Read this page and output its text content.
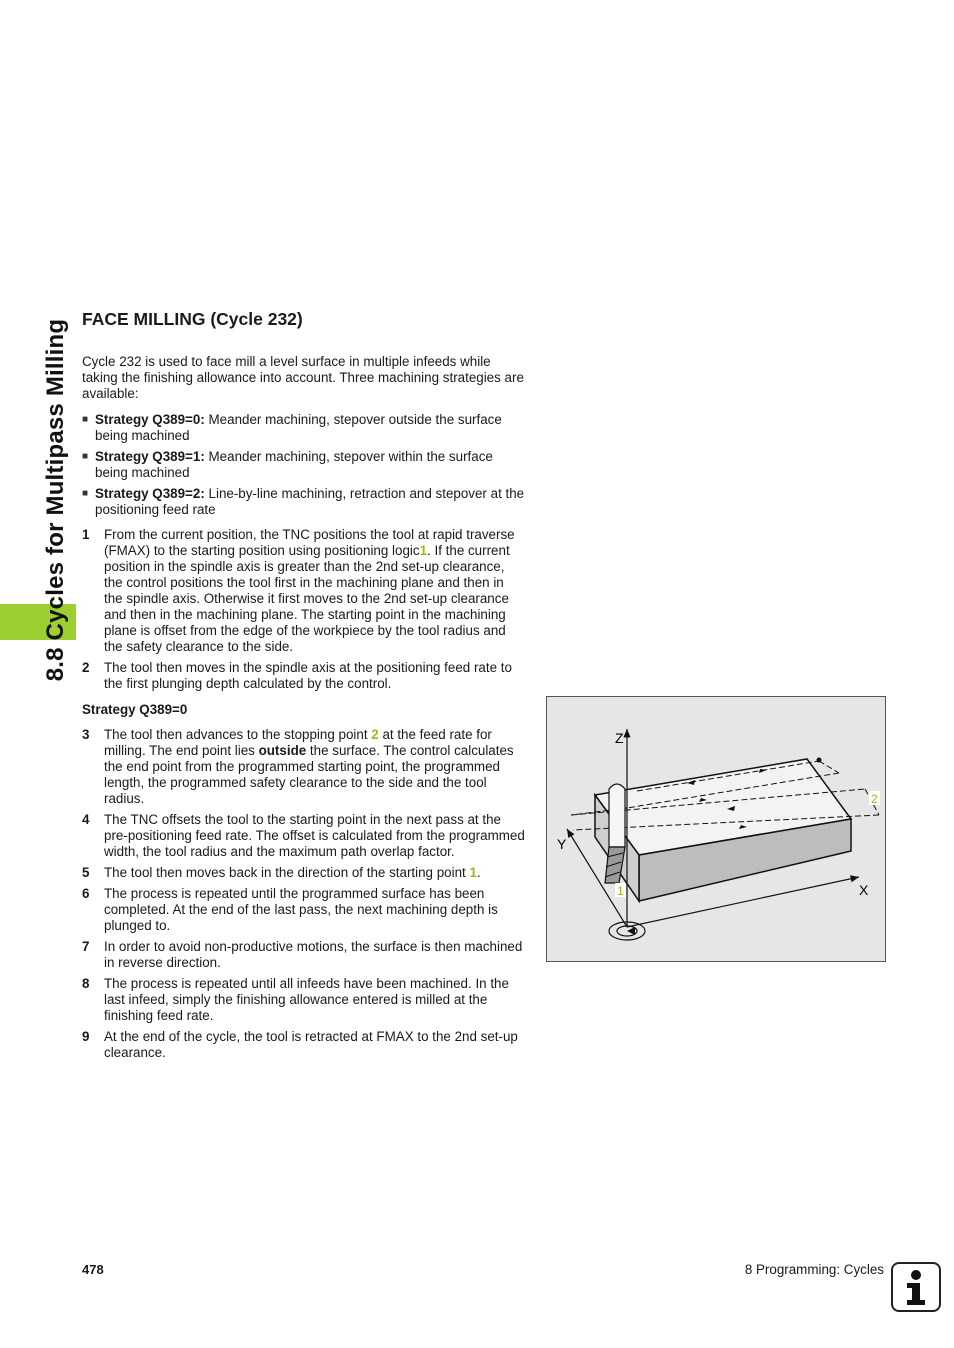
8.8 Cycles for Multipass Milling FACE MILLING (Cycle 232)

Cycle 232 is used to face mill a level surface in multiple infeeds while taking the finishing allowance into account. Three machining strategies are available:

■ Strategy Q389=0: Meander machining, stepover outside the surface being machined
■ Strategy Q389=1: Meander machining, stepover within the surface being machined
■ Strategy Q389=2: Line-by-line machining, retraction and stepover at the positioning feed rate
1	From the current position, the TNC positions the tool at rapid traverse (FMAX) to the starting position using positioning logic1. If the current position in the spindle axis is greater than the 2nd set-up clearance, the control positions the tool first in the machining plane and then in the spindle axis. Otherwise it first moves to the 2nd set-up clearance and then in the machining plane. The starting point in the machining plane is offset from the edge of the workpiece by the tool radius and the safety clearance to the side.
2	The tool then moves in the spindle axis at the positioning feed rate to the first plunging depth calculated by the control.
Strategy Q389=0
3	The tool then advances to the stopping point 2 at the feed rate for milling. The end point lies outside the surface. The control calculates the end point from the programmed starting point, the programmed length, the programmed safety clearance to the side and the tool radius.
4	The TNC offsets the tool to the starting point in the next pass at the pre-positioning feed rate. The offset is calculated from the programmed width, the tool radius and the maximum path overlap factor.
5	The tool then moves back in the direction of the starting point 1.
6	The process is repeated until the programmed surface has been completed. At the end of the last pass, the next machining depth is plunged to.
7	In order to avoid non-productive motions, the surface is then machined in reverse direction.
8	The process is repeated until all infeeds have been machined. In the last infeed, simply the finishing allowance entered is milled at the finishing feed rate.
9	At the end of the cycle, the tool is retracted at FMAX to the 2nd set-up clearance.
Z
Y
X
1
2
478	8 Programming: Cycles
